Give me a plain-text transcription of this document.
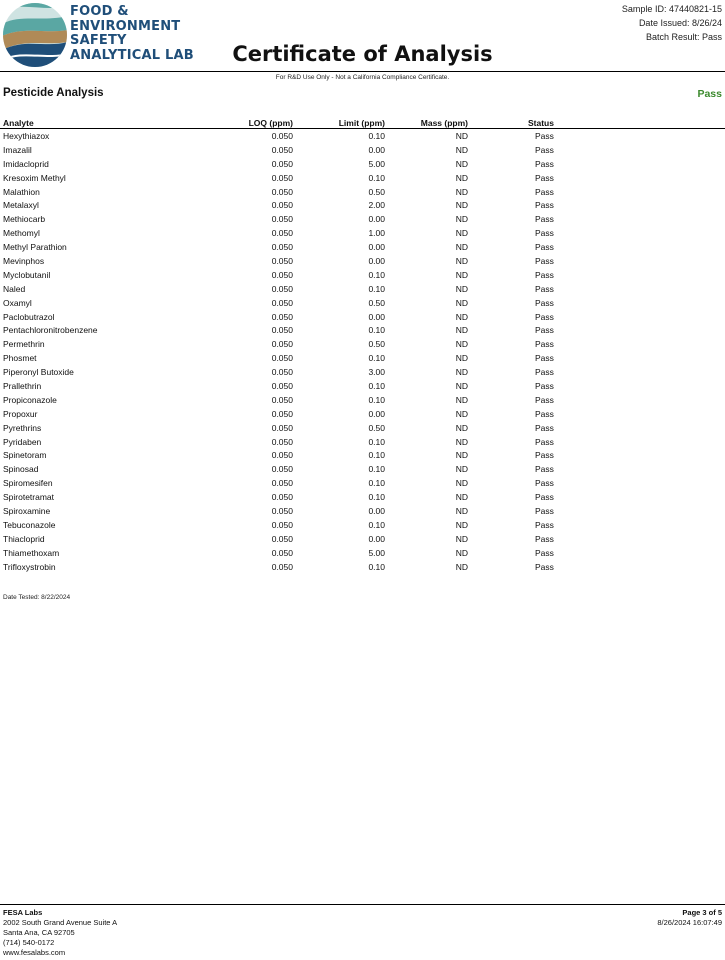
FOOD &
ENVIRONMENT
SAFETY
ANALYTICAL LAB	Certificate of Analysis
Sample ID: 47440821-15
Date Issued: 8/26/24
Batch Result: Pass
For R&D Use Only - Not a California Compliance Certificate.
Pesticide Analysis	Pass
Analyte	LOQ (ppm)	Limit (ppm)	Mass (ppm)	Status
Hexythiazox	0.050	0.10	ND	Pass
Imazalil	0.050	0.00	ND	Pass
Imidacloprid	0.050	5.00	ND	Pass
Kresoxim Methyl	0.050	0.10	ND	Pass
Malathion	0.050	0.50	ND	Pass
Metalaxyl	0.050	2.00	ND	Pass
Methiocarb	0.050	0.00	ND	Pass
Methomyl	0.050	1.00	ND	Pass
Methyl Parathion	0.050	0.00	ND	Pass
Mevinphos	0.050	0.00	ND	Pass
Myclobutanil	0.050	0.10	ND	Pass
Naled	0.050	0.10	ND	Pass
Oxamyl	0.050	0.50	ND	Pass
Paclobutrazol	0.050	0.00	ND	Pass
Pentachloronitrobenzene	0.050	0.10	ND	Pass
Permethrin	0.050	0.50	ND	Pass
Phosmet	0.050	0.10	ND	Pass
Piperonyl Butoxide	0.050	3.00	ND	Pass
Prallethrin	0.050	0.10	ND	Pass
Propiconazole	0.050	0.10	ND	Pass
Propoxur	0.050	0.00	ND	Pass
Pyrethrins	0.050	0.50	ND	Pass
Pyridaben	0.050	0.10	ND	Pass
Spinetoram	0.050	0.10	ND	Pass
Spinosad	0.050	0.10	ND	Pass
Spiromesifen	0.050	0.10	ND	Pass
Spirotetramat	0.050	0.10	ND	Pass
Spiroxamine	0.050	0.00	ND	Pass
Tebuconazole	0.050	0.10	ND	Pass
Thiacloprid	0.050	0.00	ND	Pass
Thiamethoxam	0.050	5.00	ND	Pass
Trifloxystrobin	0.050	0.10	ND	Pass
Date Tested: 8/22/2024
FESA Labs
2002 South Grand Avenue Suite A
Santa Ana, CA 92705
(714) 540-0172
www.fesalabs.com
Page 3 of 5
8/26/2024 16:07:49
